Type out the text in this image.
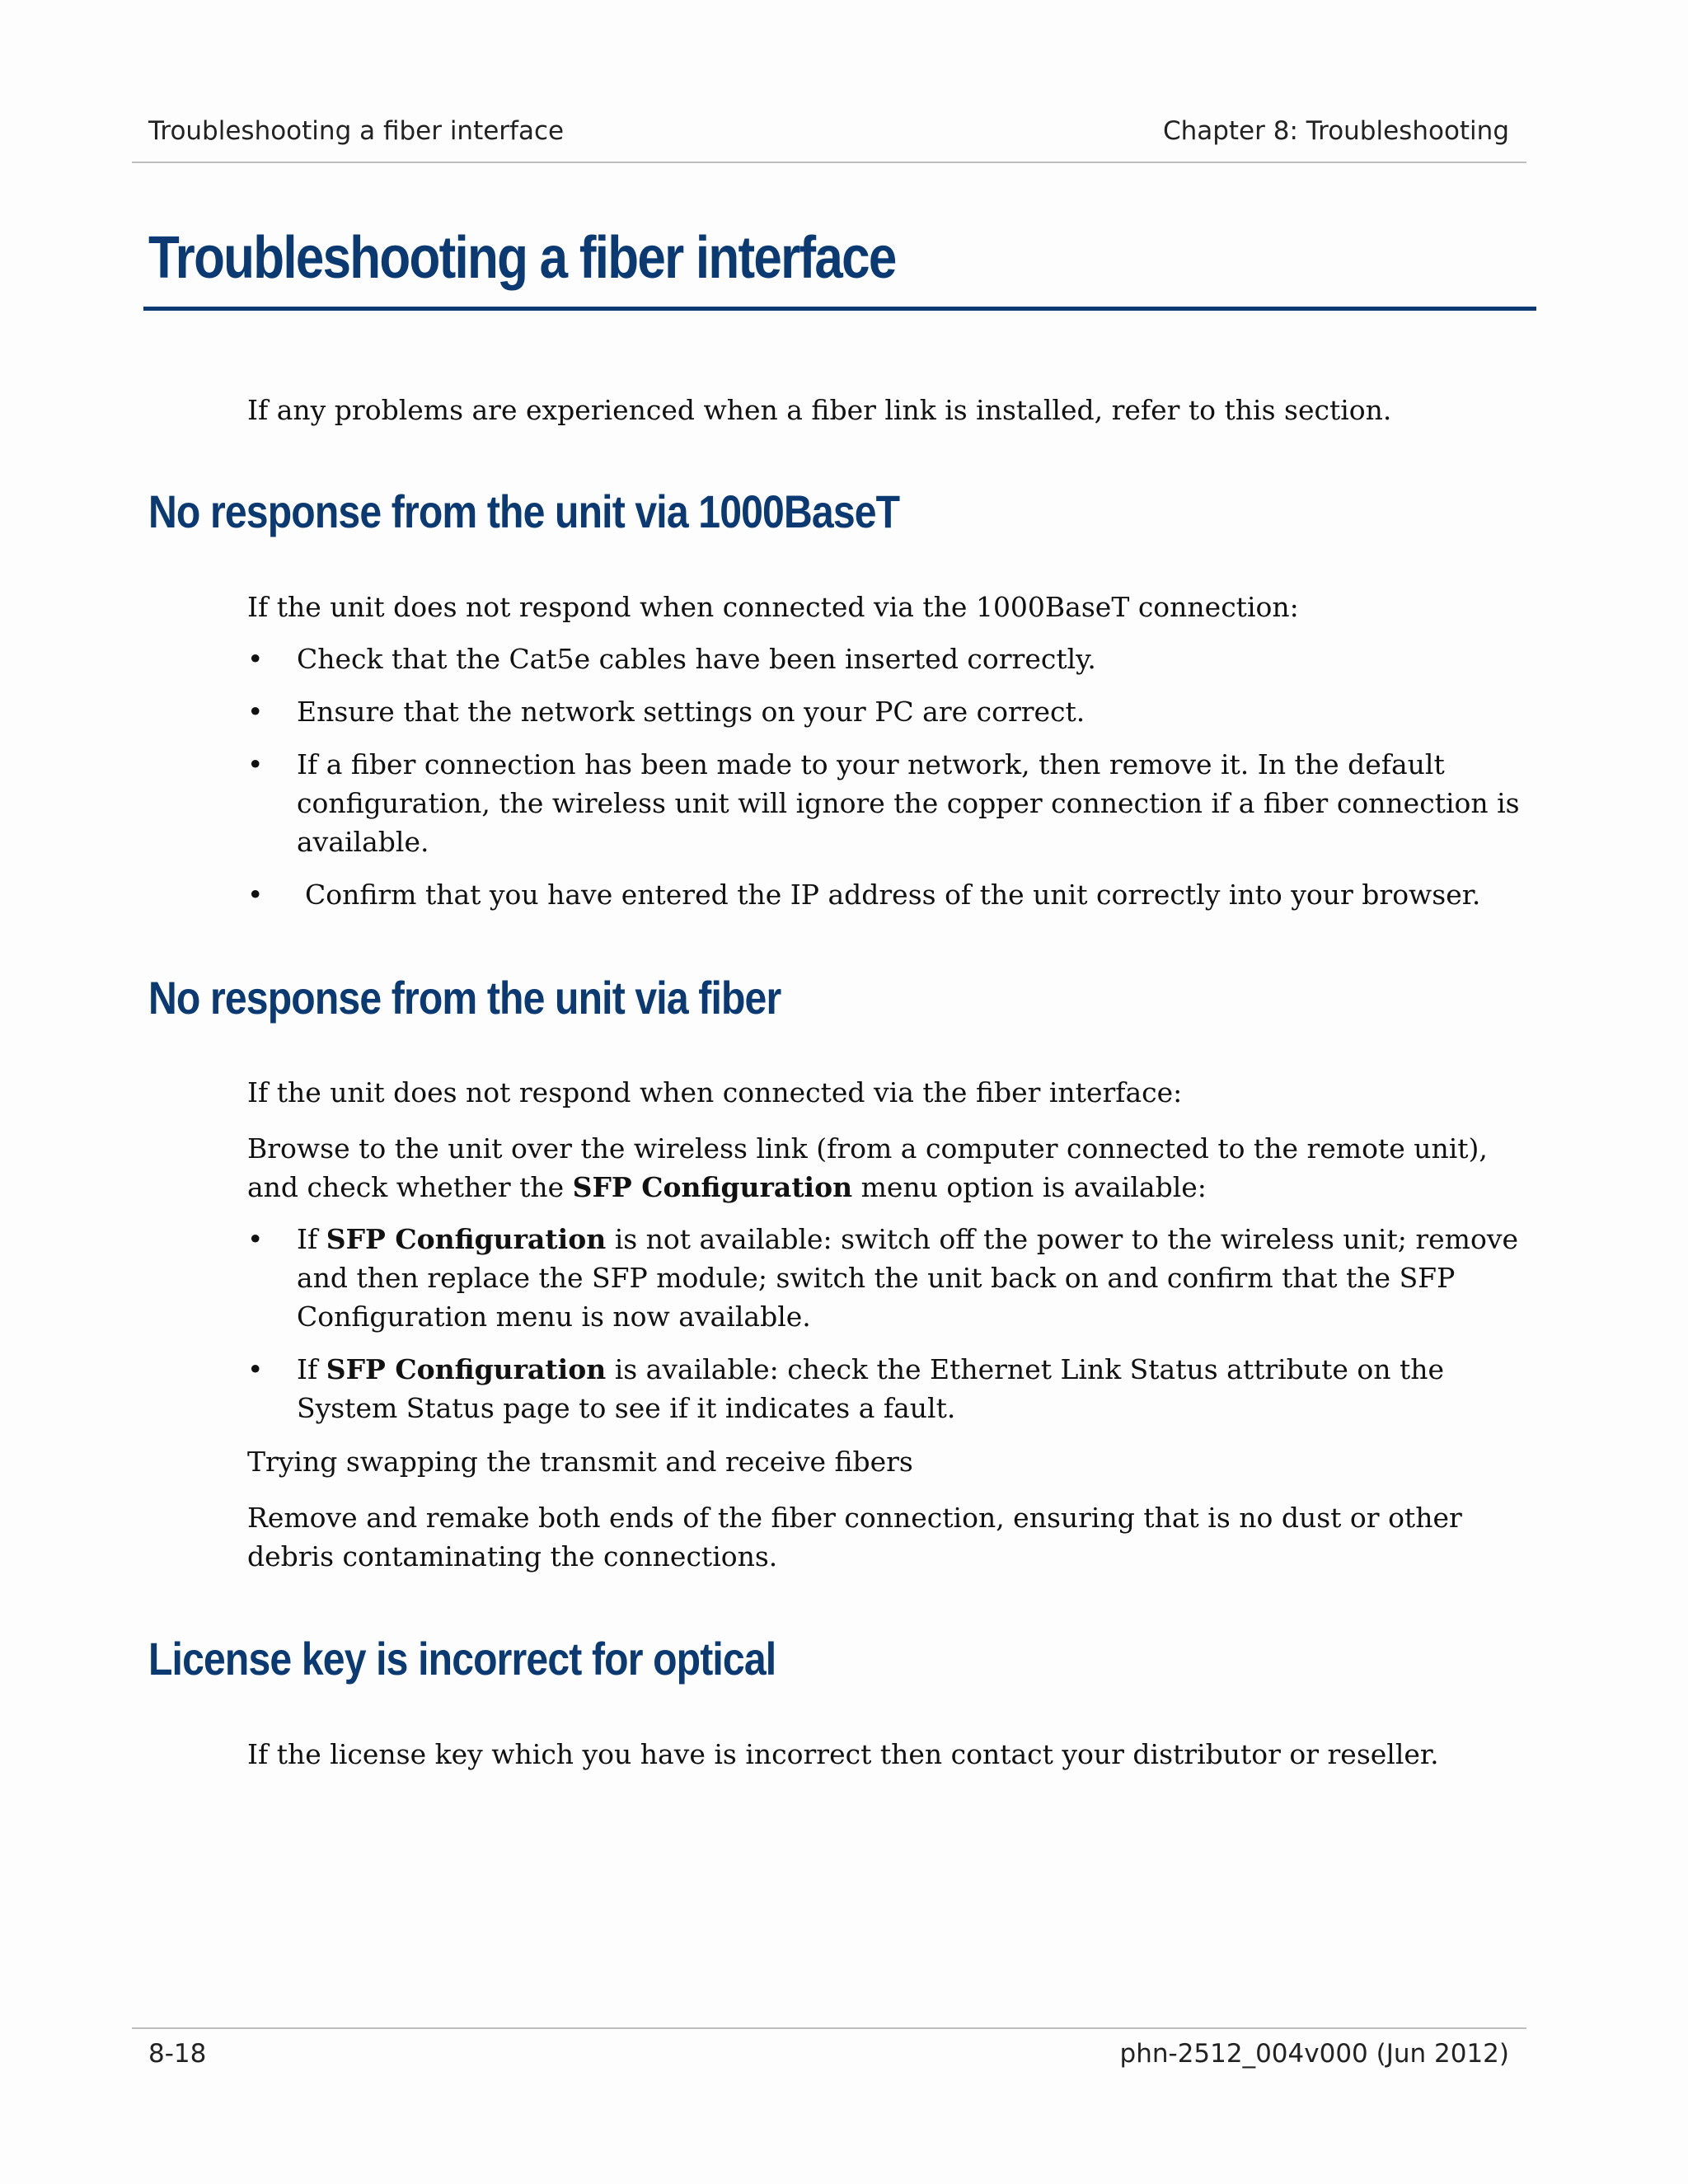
Troubleshooting a fiber interface	Chapter 8: Troubleshooting
Troubleshooting a fiber interface

If any problems are experienced when a fiber link is installed, refer to this section.

No response from the unit via 1000BaseT

If the unit does not respond when connected via the 1000BaseT connection:

•	Check that the Cat5e cables have been inserted correctly.
•	Ensure that the network settings on your PC are correct.
•	If a fiber connection has been made to your network, then remove it. In the default configuration, the wireless unit will ignore the copper connection if a fiber connection is available.
•	Confirm that you have entered the IP address of the unit correctly into your browser.
No response from the unit via fiber

If the unit does not respond when connected via the fiber interface:

Browse to the unit over the wireless link (from a computer connected to the remote unit), and check whether the SFP Configuration menu option is available:

•	If SFP Configuration is not available: switch off the power to the wireless unit; remove and then replace the SFP module; switch the unit back on and confirm that the SFP Configuration menu is now available.
•	If SFP Configuration is available: check the Ethernet Link Status attribute on the System Status page to see if it indicates a fault.

Trying swapping the transmit and receive fibers

Remove and remake both ends of the fiber connection, ensuring that is no dust or other debris contaminating the connections.

License key is incorrect for optical

If the license key which you have is incorrect then contact your distributor or reseller.

8-18	phn-2512_004v000 (Jun 2012)
